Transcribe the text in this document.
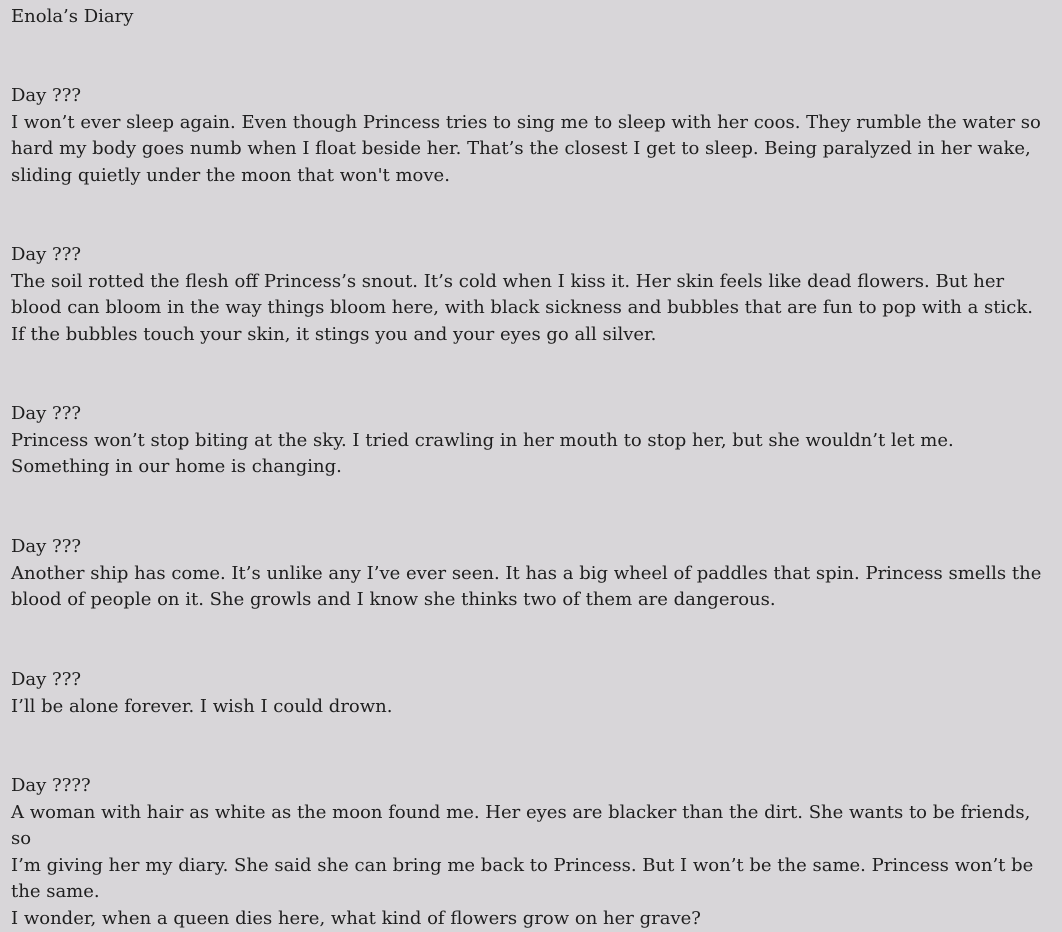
Enola’s Diary

Day ???

I won’t ever sleep again. Even though Princess tries to sing me to sleep with her coos. They rumble the water so

hard my body goes numb when I float beside her. That’s the closest I get to sleep. Being paralyzed in her wake,

sliding quietly under the moon that won't move.

Day ???

The soil rotted the flesh off Princess’s snout. It’s cold when I kiss it. Her skin feels like dead flowers. But her

blood can bloom in the way things bloom here, with black sickness and bubbles that are fun to pop with a stick.

If the bubbles touch your skin, it stings you and your eyes go all silver.

Day ???

Princess won’t stop biting at the sky. I tried crawling in her mouth to stop her, but she wouldn’t let me.

Something in our home is changing.

Day ???

Another ship has come. It’s unlike any I’ve ever seen. It has a big wheel of paddles that spin. Princess smells the

blood of people on it. She growls and I know she thinks two of them are dangerous.

Day ???

I’ll be alone forever. I wish I could drown.

Day ????

A woman with hair as white as the moon found me. Her eyes are blacker than the dirt. She wants to be friends, so

I’m giving her my diary. She said she can bring me back to Princess. But I won’t be the same. Princess won’t be

the same.

I wonder, when a queen dies here, what kind of flowers grow on her grave?
